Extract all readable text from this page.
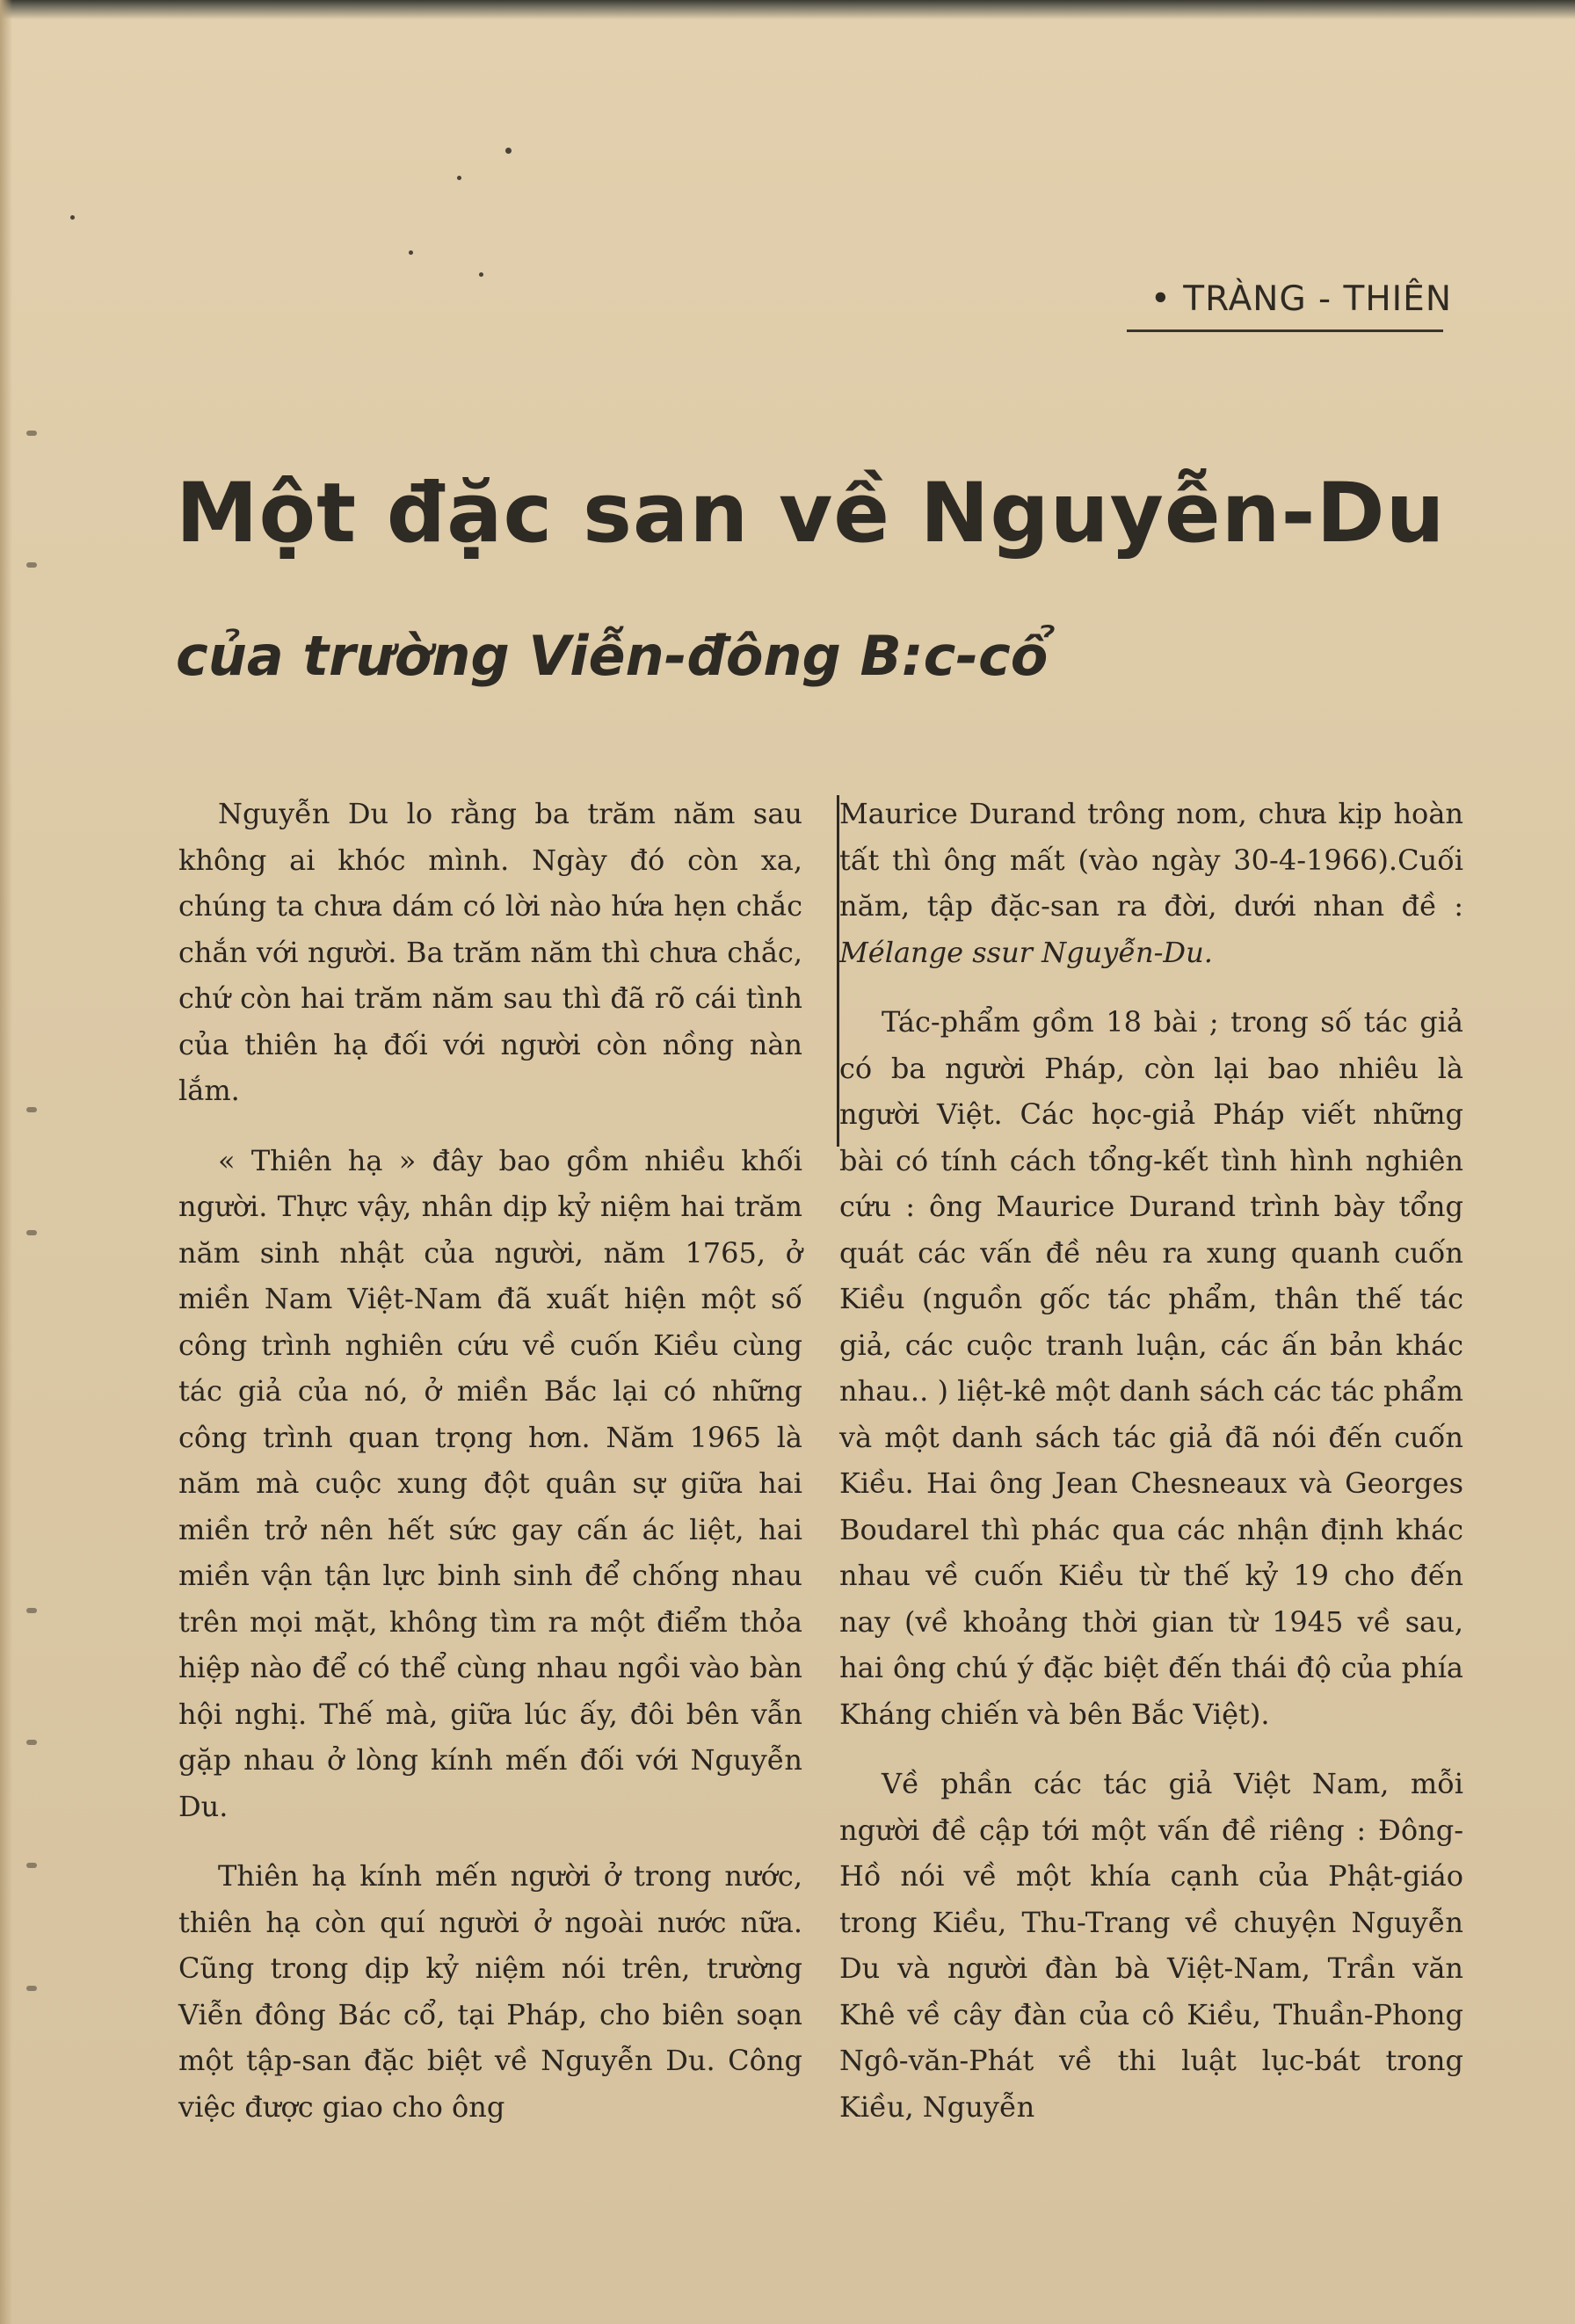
• TRÀNG - THIÊN
Một đặc san về Nguyễn-Du
của trường Viễn-đông B:c-cổ

Nguyễn Du lo rằng ba trăm năm sau không ai khóc mình. Ngày đó còn xa, chúng ta chưa dám có lời nào hứa hẹn chắc chắn với người. Ba trăm năm thì chưa chắc, chứ còn hai trăm năm sau thì đã rõ cái tình của thiên hạ đối với người còn nồng nàn lắm.

« Thiên hạ » đây bao gồm nhiều khối người. Thực vậy, nhân dịp kỷ niệm hai trăm năm sinh nhật của người, năm 1765, ở miền Nam Việt-Nam đã xuất hiện một số công trình nghiên cứu về cuốn Kiều cùng tác giả của nó, ở miền Bắc lại có những công trình quan trọng hơn. Năm 1965 là năm mà cuộc xung đột quân sự giữa hai miền trở nên hết sức gay cấn ác liệt, hai miền vận tận lực binh sinh để chống nhau trên mọi mặt, không tìm ra một điểm thỏa hiệp nào để có thể cùng nhau ngồi vào bàn hội nghị. Thế mà, giữa lúc ấy, đôi bên vẫn gặp nhau ở lòng kính mến đối với Nguyễn Du.

Thiên hạ kính mến người ở trong nước, thiên hạ còn quí người ở ngoài nước nữa. Cũng trong dịp kỷ niệm nói trên, trường Viễn đông Bác cổ, tại Pháp, cho biên soạn một tập-san đặc biệt về Nguyễn Du. Công việc được giao cho ông

Maurice Durand trông nom, chưa kịp hoàn tất thì ông mất (vào ngày 30-4-1966).Cuối năm, tập đặc-san ra đời, dưới nhan đề : Mélange ssur Nguyễn-Du.

Tác-phẩm gồm 18 bài ; trong số tác giả có ba người Pháp, còn lại bao nhiêu là người Việt. Các học-giả Pháp viết những bài có tính cách tổng-kết tình hình nghiên cứu : ông Maurice Durand trình bày tổng quát các vấn đề nêu ra xung quanh cuốn Kiều (nguồn gốc tác phẩm, thân thế tác giả, các cuộc tranh luận, các ấn bản khác nhau.. ) liệt-kê một danh sách các tác phẩm và một danh sách tác giả đã nói đến cuốn Kiều. Hai ông Jean Chesneaux và Georges Boudarel thì phác qua các nhận định khác nhau về cuốn Kiều từ thế kỷ 19 cho đến nay (về khoảng thời gian từ 1945 về sau, hai ông chú ý đặc biệt đến thái độ của phía Kháng chiến và bên Bắc Việt).

Về phần các tác giả Việt Nam, mỗi người đề cập tới một vấn đề riêng : Đông-Hồ nói về một khía cạnh của Phật-giáo trong Kiều, Thu-Trang về chuyện Nguyễn Du và người đàn bà Việt-Nam, Trần văn Khê về cây đàn của cô Kiều, Thuần-Phong Ngô-văn-Phát về thi luật lục-bát trong Kiều, Nguyễn
